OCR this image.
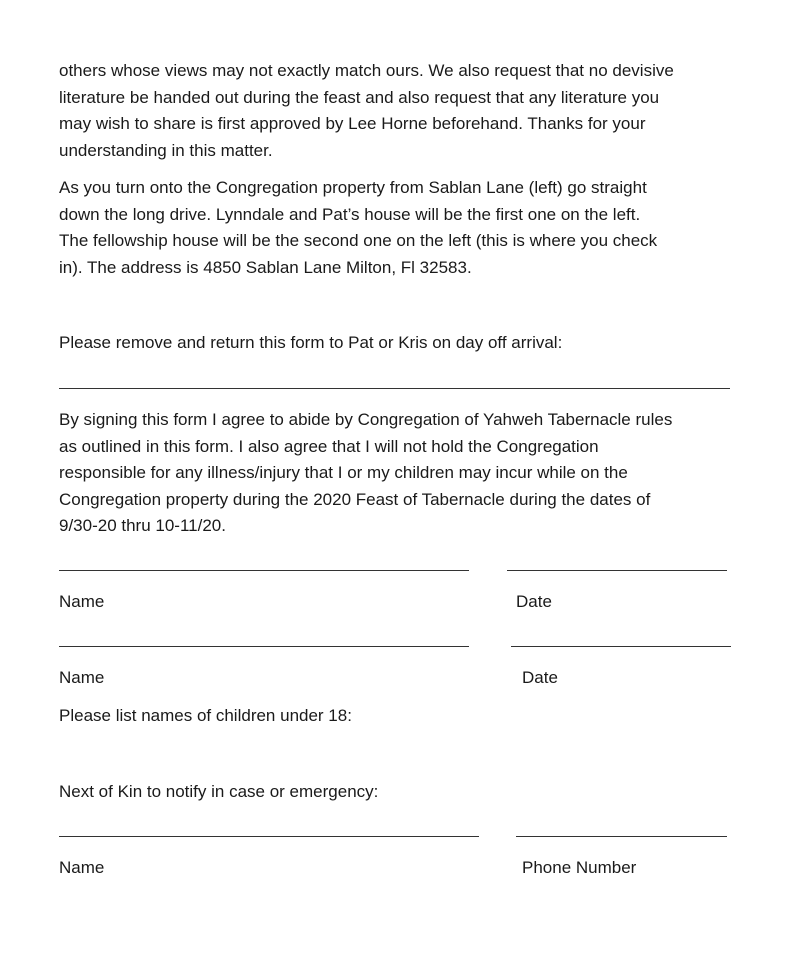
others whose views may not exactly match ours. We also request that no devisive
literature be handed out during the feast and also request that any literature you
may wish to share is first approved by Lee Horne beforehand. Thanks for your
understanding in this matter.
As you turn onto the Congregation property from Sablan Lane (left) go straight
down the long drive. Lynndale and Pat’s house will be the first one on the left.
The fellowship house will be the second one on the left (this is where you check
in). The address is 4850 Sablan Lane Milton, Fl 32583.
Please remove and return this form to Pat or Kris on day off arrival:
By signing this form I agree to abide by Congregation of Yahweh Tabernacle rules
as outlined in this form. I also agree that I will not hold the Congregation
responsible for any illness/injury that I or my children may incur while on the
Congregation property during the 2020 Feast of Tabernacle during the dates of
9/30-20 thru 10-11/20.
Name	Date
Name	Date
Please list names of children under 18:
Next of Kin to notify in case or emergency:
Name	Phone Number
